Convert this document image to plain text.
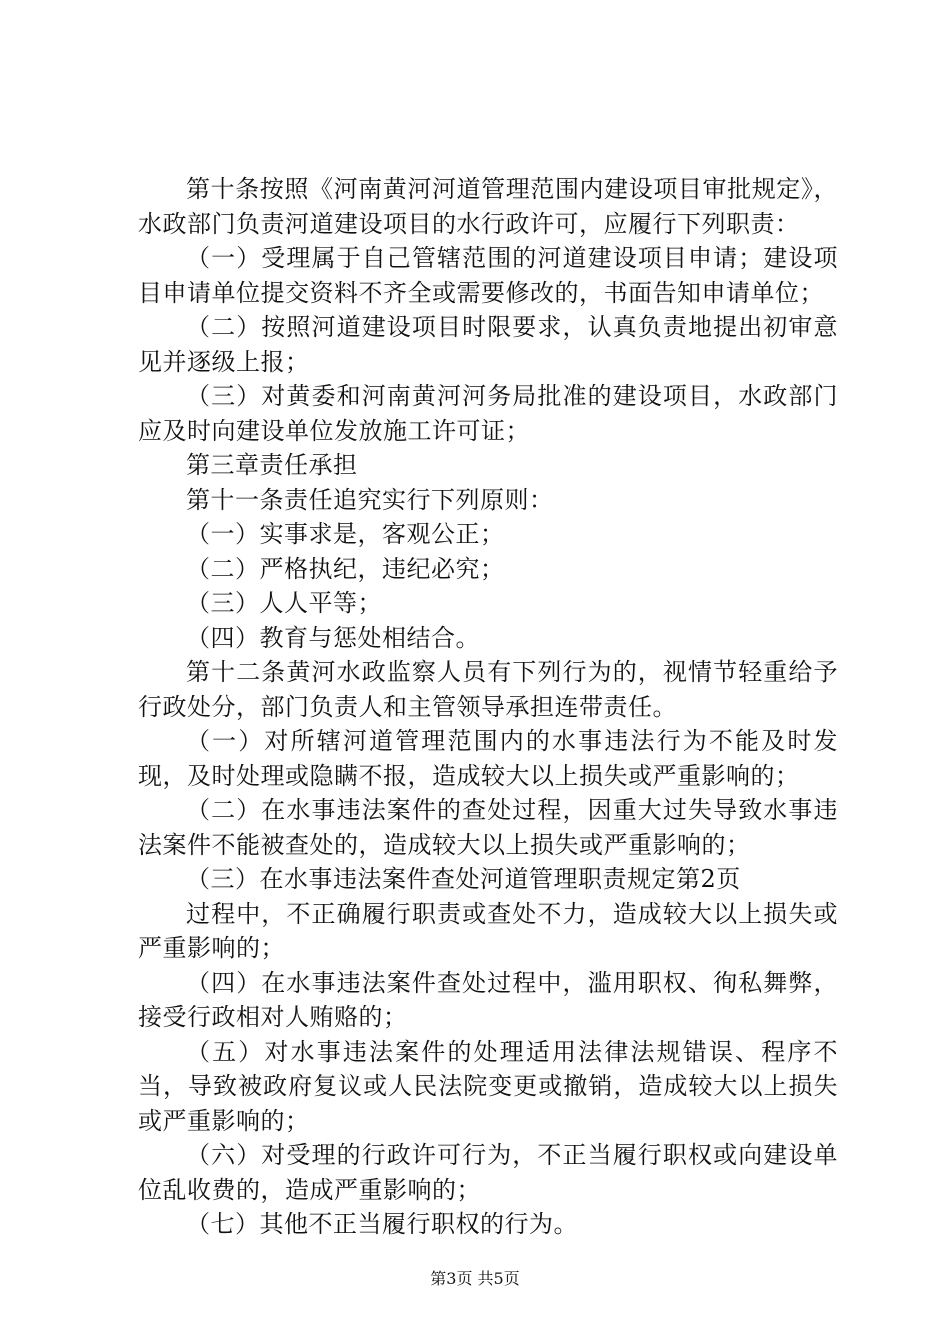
第十条按照《河南黄河河道管理范围内建设项目审批规定》，水政部门负责河道建设项目的水行政许可，应履行下列职责：

（一）受理属于自己管辖范围的河道建设项目申请；建设项目申请单位提交资料不齐全或需要修改的，书面告知申请单位；

（二）按照河道建设项目时限要求，认真负责地提出初审意见并逐级上报；

（三）对黄委和河南黄河河务局批准的建设项目，水政部门应及时向建设单位发放施工许可证；

第三章责任承担

第十一条责任追究实行下列原则：

（一）实事求是，客观公正；

（二）严格执纪，违纪必究；

（三）人人平等；

（四）教育与惩处相结合。

第十二条黄河水政监察人员有下列行为的，视情节轻重给予行政处分，部门负责人和主管领导承担连带责任。

（一）对所辖河道管理范围内的水事违法行为不能及时发现，及时处理或隐瞒不报，造成较大以上损失或严重影响的；

（二）在水事违法案件的查处过程，因重大过失导致水事违法案件不能被查处的，造成较大以上损失或严重影响的；

（三）在水事违法案件查处河道管理职责规定第2页

过程中，不正确履行职责或查处不力，造成较大以上损失或严重影响的；

（四）在水事违法案件查处过程中，滥用职权、徇私舞弊，接受行政相对人贿赂的；

（五）对水事违法案件的处理适用法律法规错误、程序不当，导致被政府复议或人民法院变更或撤销，造成较大以上损失或严重影响的；

（六）对受理的行政许可行为，不正当履行职权或向建设单位乱收费的，造成严重影响的；

（七）其他不正当履行职权的行为。

第3页 共5页
